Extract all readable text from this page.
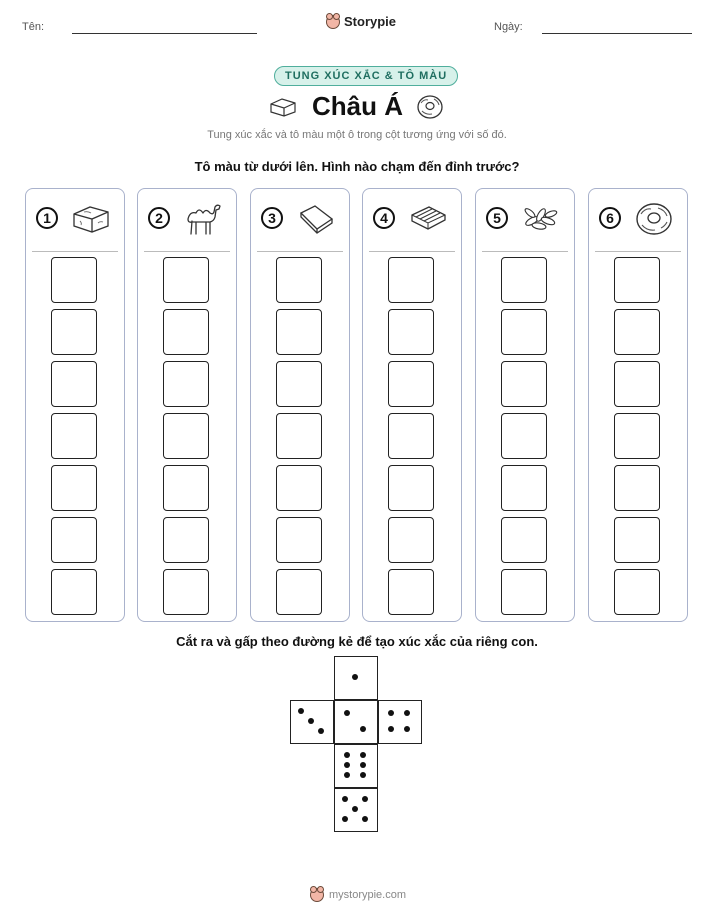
Tên:	Storypie	Ngày:
TUNG XÚC XẮC & TÔ MÀU
Châu Á
Tung xúc xắc và tô màu một ô trong cột tương ứng với số đó.
Tô màu từ dưới lên. Hình nào chạm đến đỉnh trước?
1	2	3	4	5	6
Cắt ra và gấp theo đường kẻ để tạo xúc xắc của riêng con.
mystorypie.com
